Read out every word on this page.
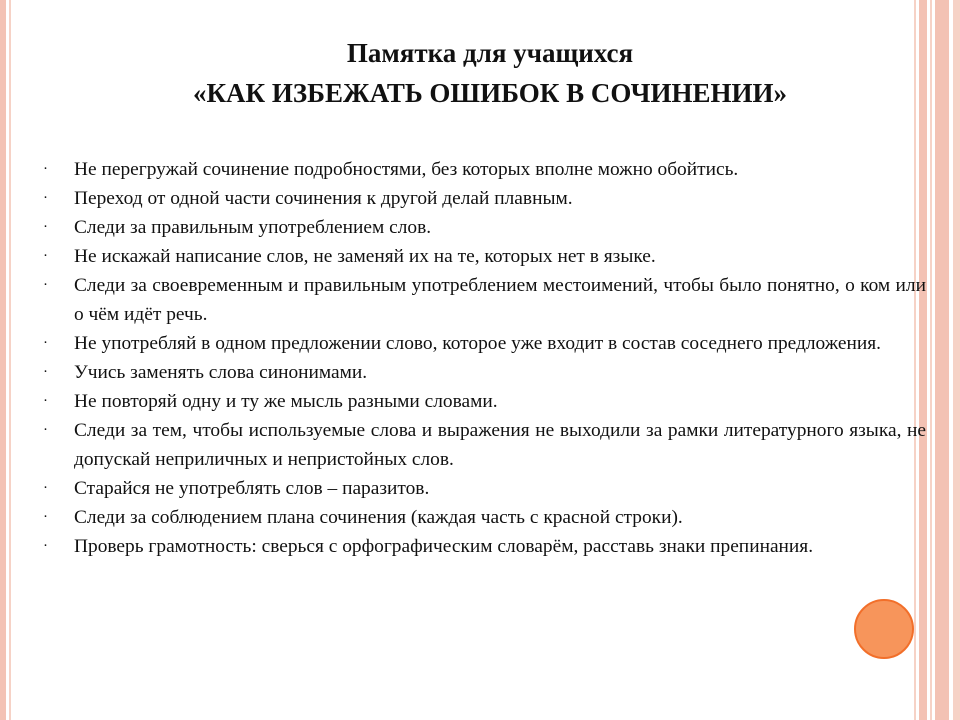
Памятка для учащихся
«КАК ИЗБЕЖАТЬ ОШИБОК В СОЧИНЕНИИ»
· Не перегружай сочинение подробностями, без которых вполне можно обойтись.
· Переход от одной части сочинения к другой делай плавным.
· Следи за правильным употреблением слов.
· Не искажай написание слов, не заменяй их на те, которых нет в языке.
· Следи за своевременным и правильным употреблением местоимений, чтобы было понятно, о ком или о чём идёт речь.
· Не употребляй в одном предложении слово, которое уже входит в состав соседнего предложения.
· Учись заменять слова синонимами.
· Не повторяй одну и ту же мысль разными словами.
· Следи за тем, чтобы используемые слова и выражения не выходили за рамки литературного языка, не допускай неприличных и непристойных слов.
· Старайся не употреблять слов – паразитов.
· Следи за соблюдением плана сочинения (каждая часть с красной строки).
· Проверь грамотность: сверься с орфографическим словарём, расставь знаки препинания.
